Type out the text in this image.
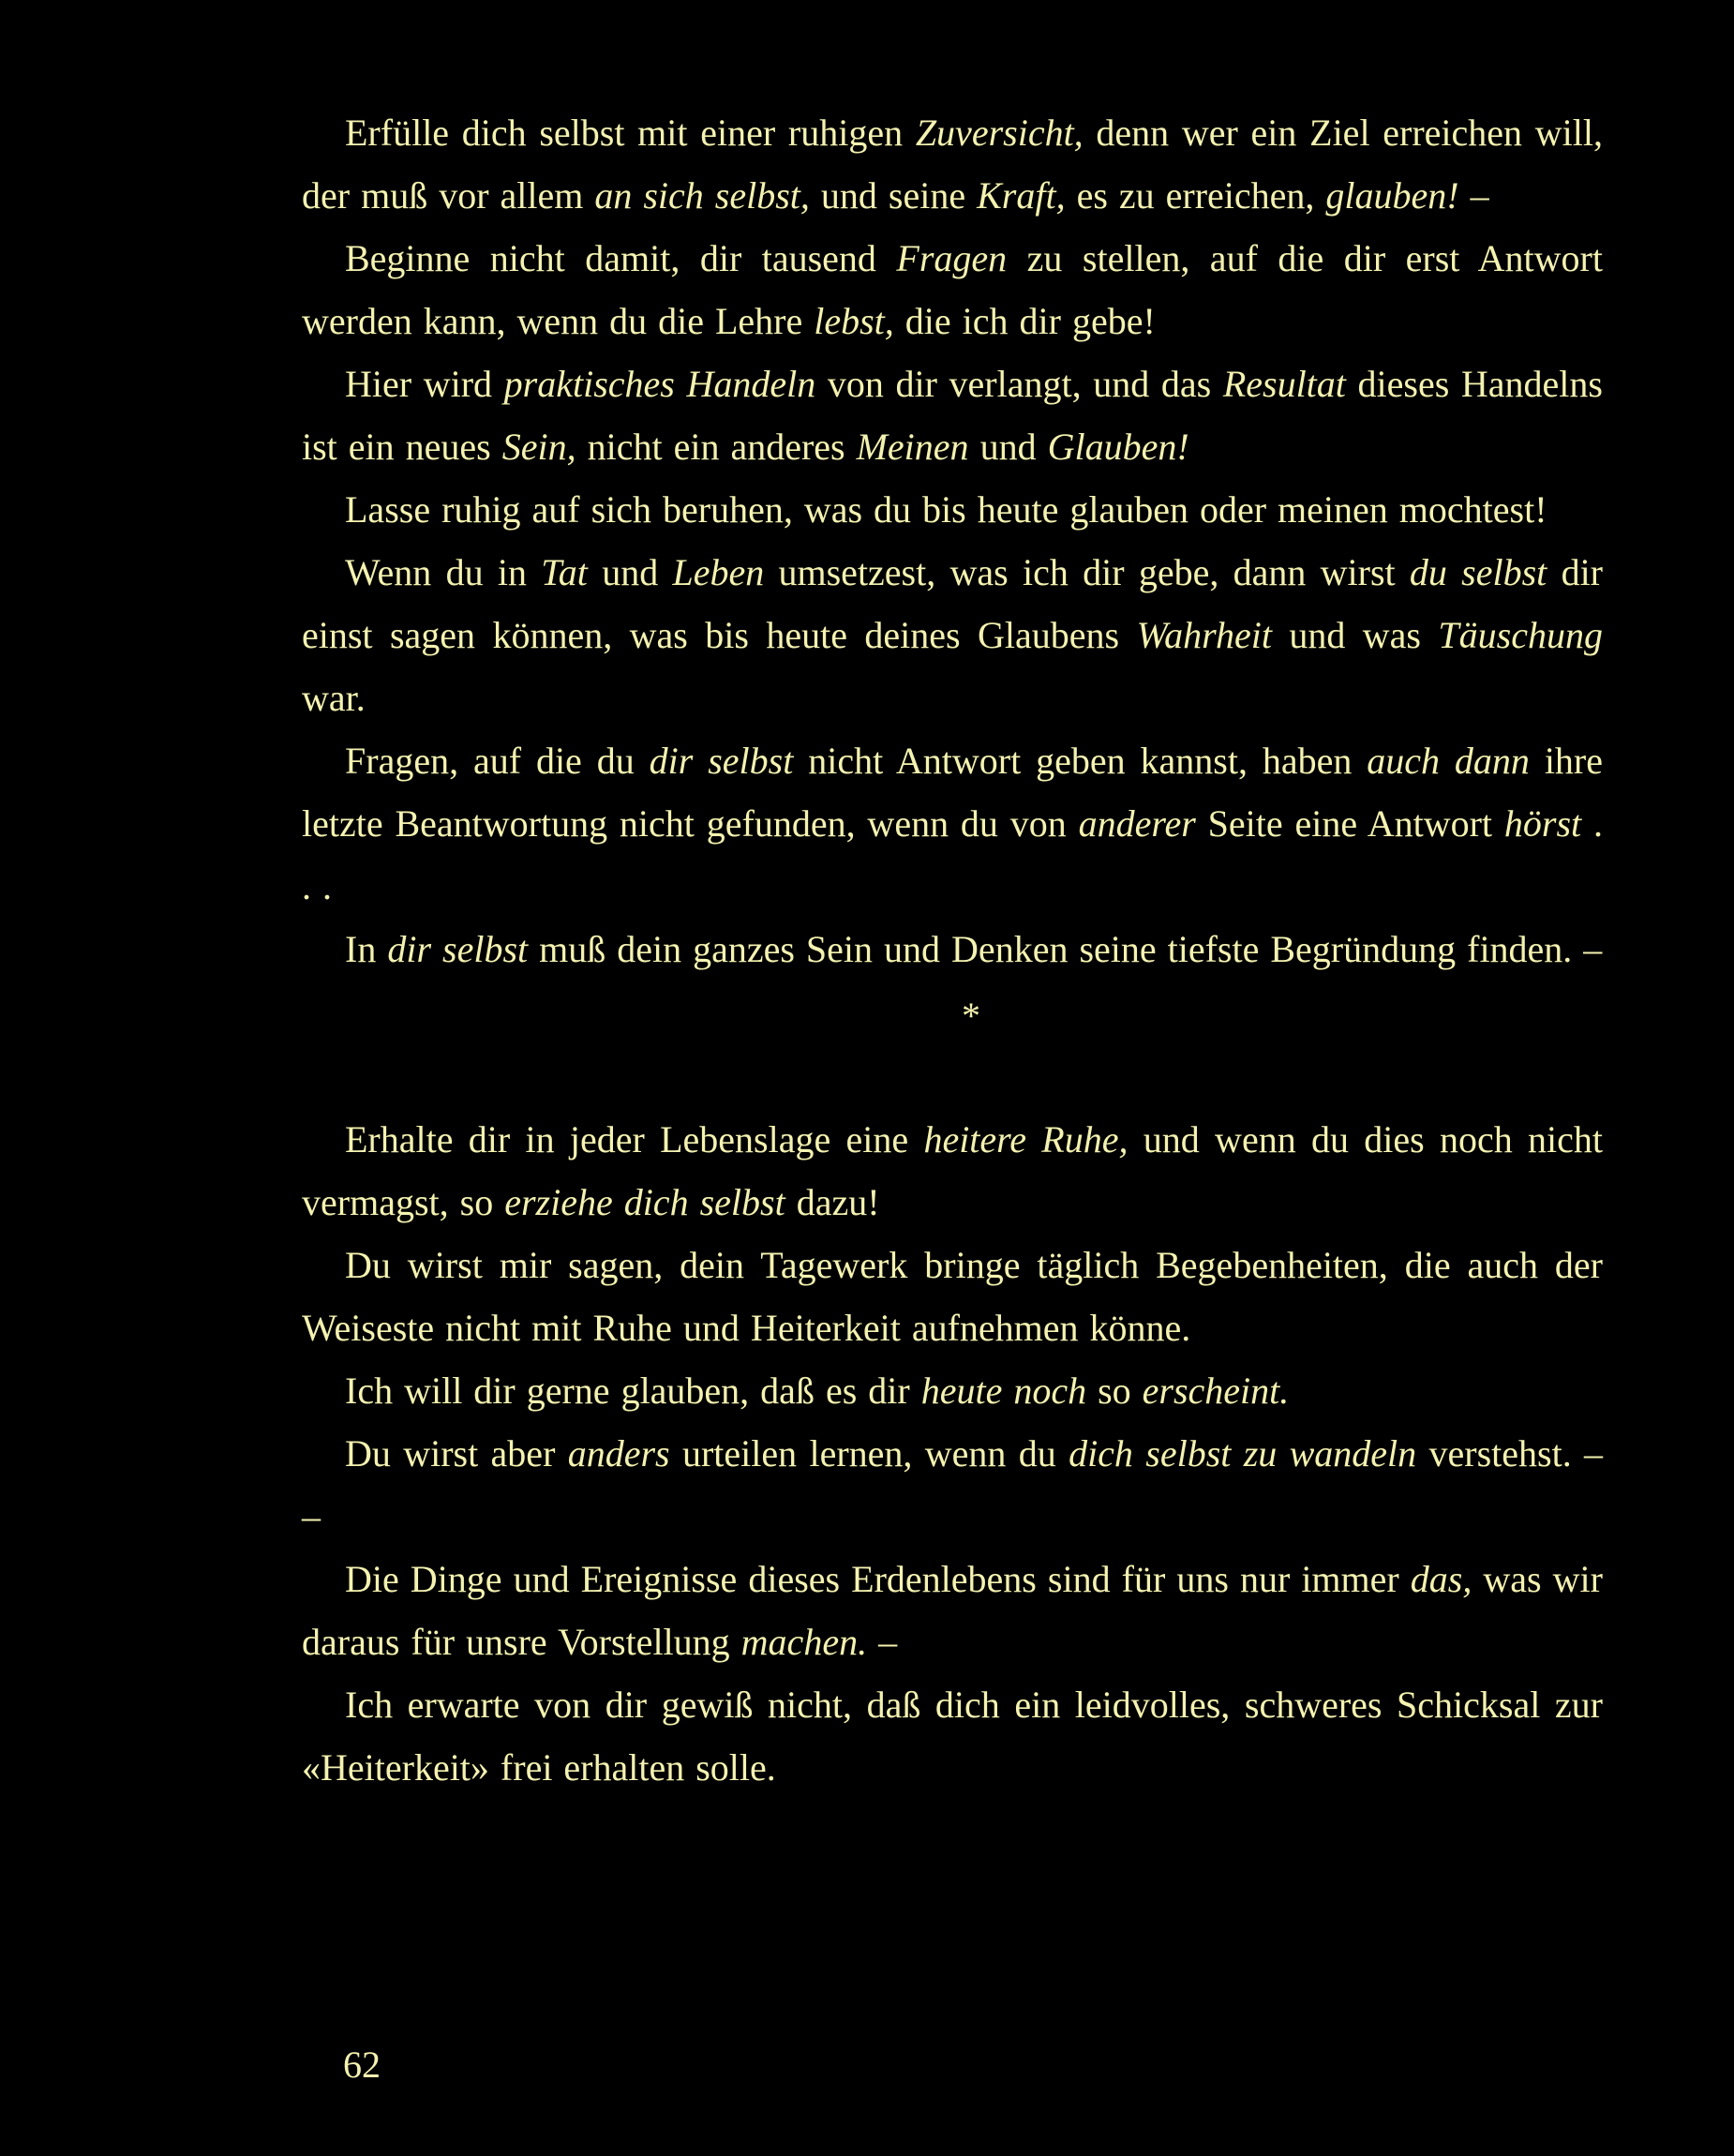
Erfülle dich selbst mit einer ruhigen Zuversicht, denn wer ein Ziel erreichen will, der muß vor allem an sich selbst, und seine Kraft, es zu erreichen, glauben! –

Beginne nicht damit, dir tausend Fragen zu stellen, auf die dir erst Antwort werden kann, wenn du die Lehre lebst, die ich dir gebe!

Hier wird praktisches Handeln von dir verlangt, und das Resultat dieses Handelns ist ein neues Sein, nicht ein anderes Meinen und Glauben!

Lasse ruhig auf sich beruhen, was du bis heute glauben oder meinen mochtest!

Wenn du in Tat und Leben umsetzest, was ich dir gebe, dann wirst du selbst dir einst sagen können, was bis heute deines Glaubens Wahrheit und was Täuschung war.

Fragen, auf die du dir selbst nicht Antwort geben kannst, haben auch dann ihre letzte Beantwortung nicht gefunden, wenn du von anderer Seite eine Antwort hörst . . .

In dir selbst muß dein ganzes Sein und Denken seine tiefste Begründung finden. –

*

Erhalte dir in jeder Lebenslage eine heitere Ruhe, und wenn du dies noch nicht vermagst, so erziehe dich selbst dazu!

Du wirst mir sagen, dein Tagewerk bringe täglich Begebenheiten, die auch der Weiseste nicht mit Ruhe und Heiterkeit aufnehmen könne.

Ich will dir gerne glauben, daß es dir heute noch so erscheint.

Du wirst aber anders urteilen lernen, wenn du dich selbst zu wandeln verstehst. – –

Die Dinge und Ereignisse dieses Erdenlebens sind für uns nur immer das, was wir daraus für unsre Vorstellung machen. –

Ich erwarte von dir gewiß nicht, daß dich ein leidvolles, schweres Schicksal zur «Heiterkeit» frei erhalten solle.

62
